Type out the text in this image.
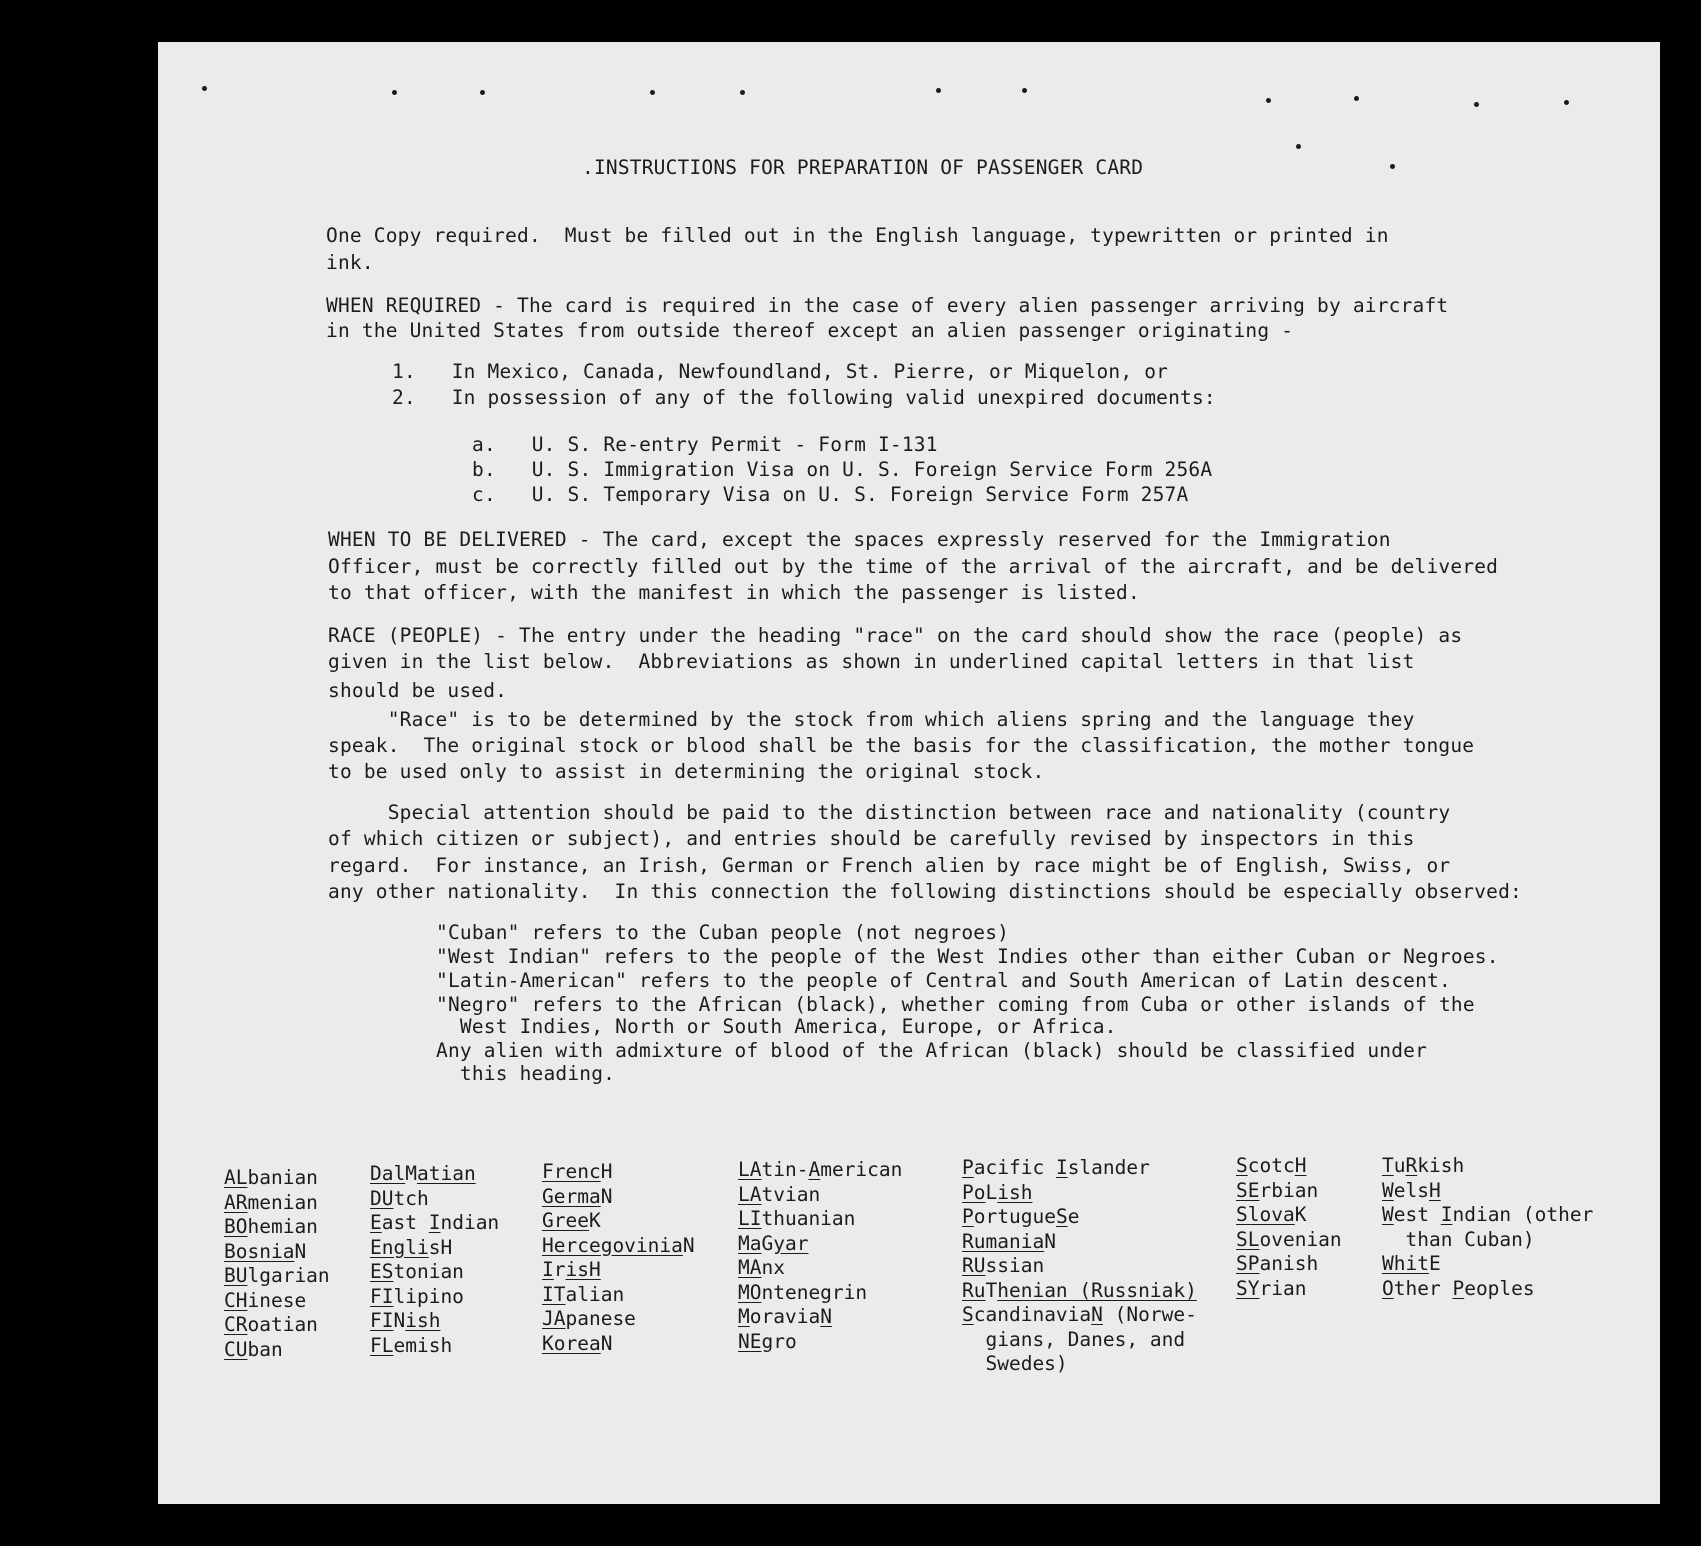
.INSTRUCTIONS FOR PREPARATION OF PASSENGER CARD
One Copy required.  Must be filled out in the English language, typewritten or printed in
ink.
WHEN REQUIRED - The card is required in the case of every alien passenger arriving by aircraft
in the United States from outside thereof except an alien passenger originating -
1.   In Mexico, Canada, Newfoundland, St. Pierre, or Miquelon, or
2.   In possession of any of the following valid unexpired documents:
a.   U. S. Re-entry Permit - Form I-131
b.   U. S. Immigration Visa on U. S. Foreign Service Form 256A
c.   U. S. Temporary Visa on U. S. Foreign Service Form 257A
WHEN TO BE DELIVERED - The card, except the spaces expressly reserved for the Immigration
Officer, must be correctly filled out by the time of the arrival of the aircraft, and be delivered
to that officer, with the manifest in which the passenger is listed.
RACE (PEOPLE) - The entry under the heading "race" on the card should show the race (people) as
given in the list below.  Abbreviations as shown in underlined capital letters in that list
should be used.
"Race" is to be determined by the stock from which aliens spring and the language they
speak.  The original stock or blood shall be the basis for the classification, the mother tongue
to be used only to assist in determining the original stock.
Special attention should be paid to the distinction between race and nationality (country
of which citizen or subject), and entries should be carefully revised by inspectors in this
regard.  For instance, an Irish, German or French alien by race might be of English, Swiss, or
any other nationality.  In this connection the following distinctions should be especially observed:
"Cuban" refers to the Cuban people (not negroes)
"West Indian" refers to the people of the West Indies other than either Cuban or Negroes.
"Latin-American" refers to the people of Central and South American of Latin descent.
"Negro" refers to the African (black), whether coming from Cuba or other islands of the
West Indies, North or South America, Europe, or Africa.
Any alien with admixture of blood of the African (black) should be classified under
this heading.
ALbanian
ARmenian
BOhemian
BosniaN
BUlgarian
CHinese
CRoatian
CUban
DalMatian
DUtch
East Indian
EnglisH
EStonian
FIlipino
FINish
FLemish
FrencH
GermaN
GreeK
HercegoviniaN
IrisH
ITalian
JApanese
KoreaN
LAtin-American
LAtvian
LIthuanian
MaGyar
MAnx
MOntenegrin
MoraviaN
NEgro
Pacific Islander
PoLish
PortugueSe
RumaniaN
RUssian
RuThenian (Russniak)
ScandinaviaN (Norwe-
gians, Danes, and
Swedes)
ScotcH
SErbian
SlovaK
SLovenian
SPanish
SYrian
TuRkish
WelsH
West Indian (other
than Cuban)
WhitE
Other Peoples
